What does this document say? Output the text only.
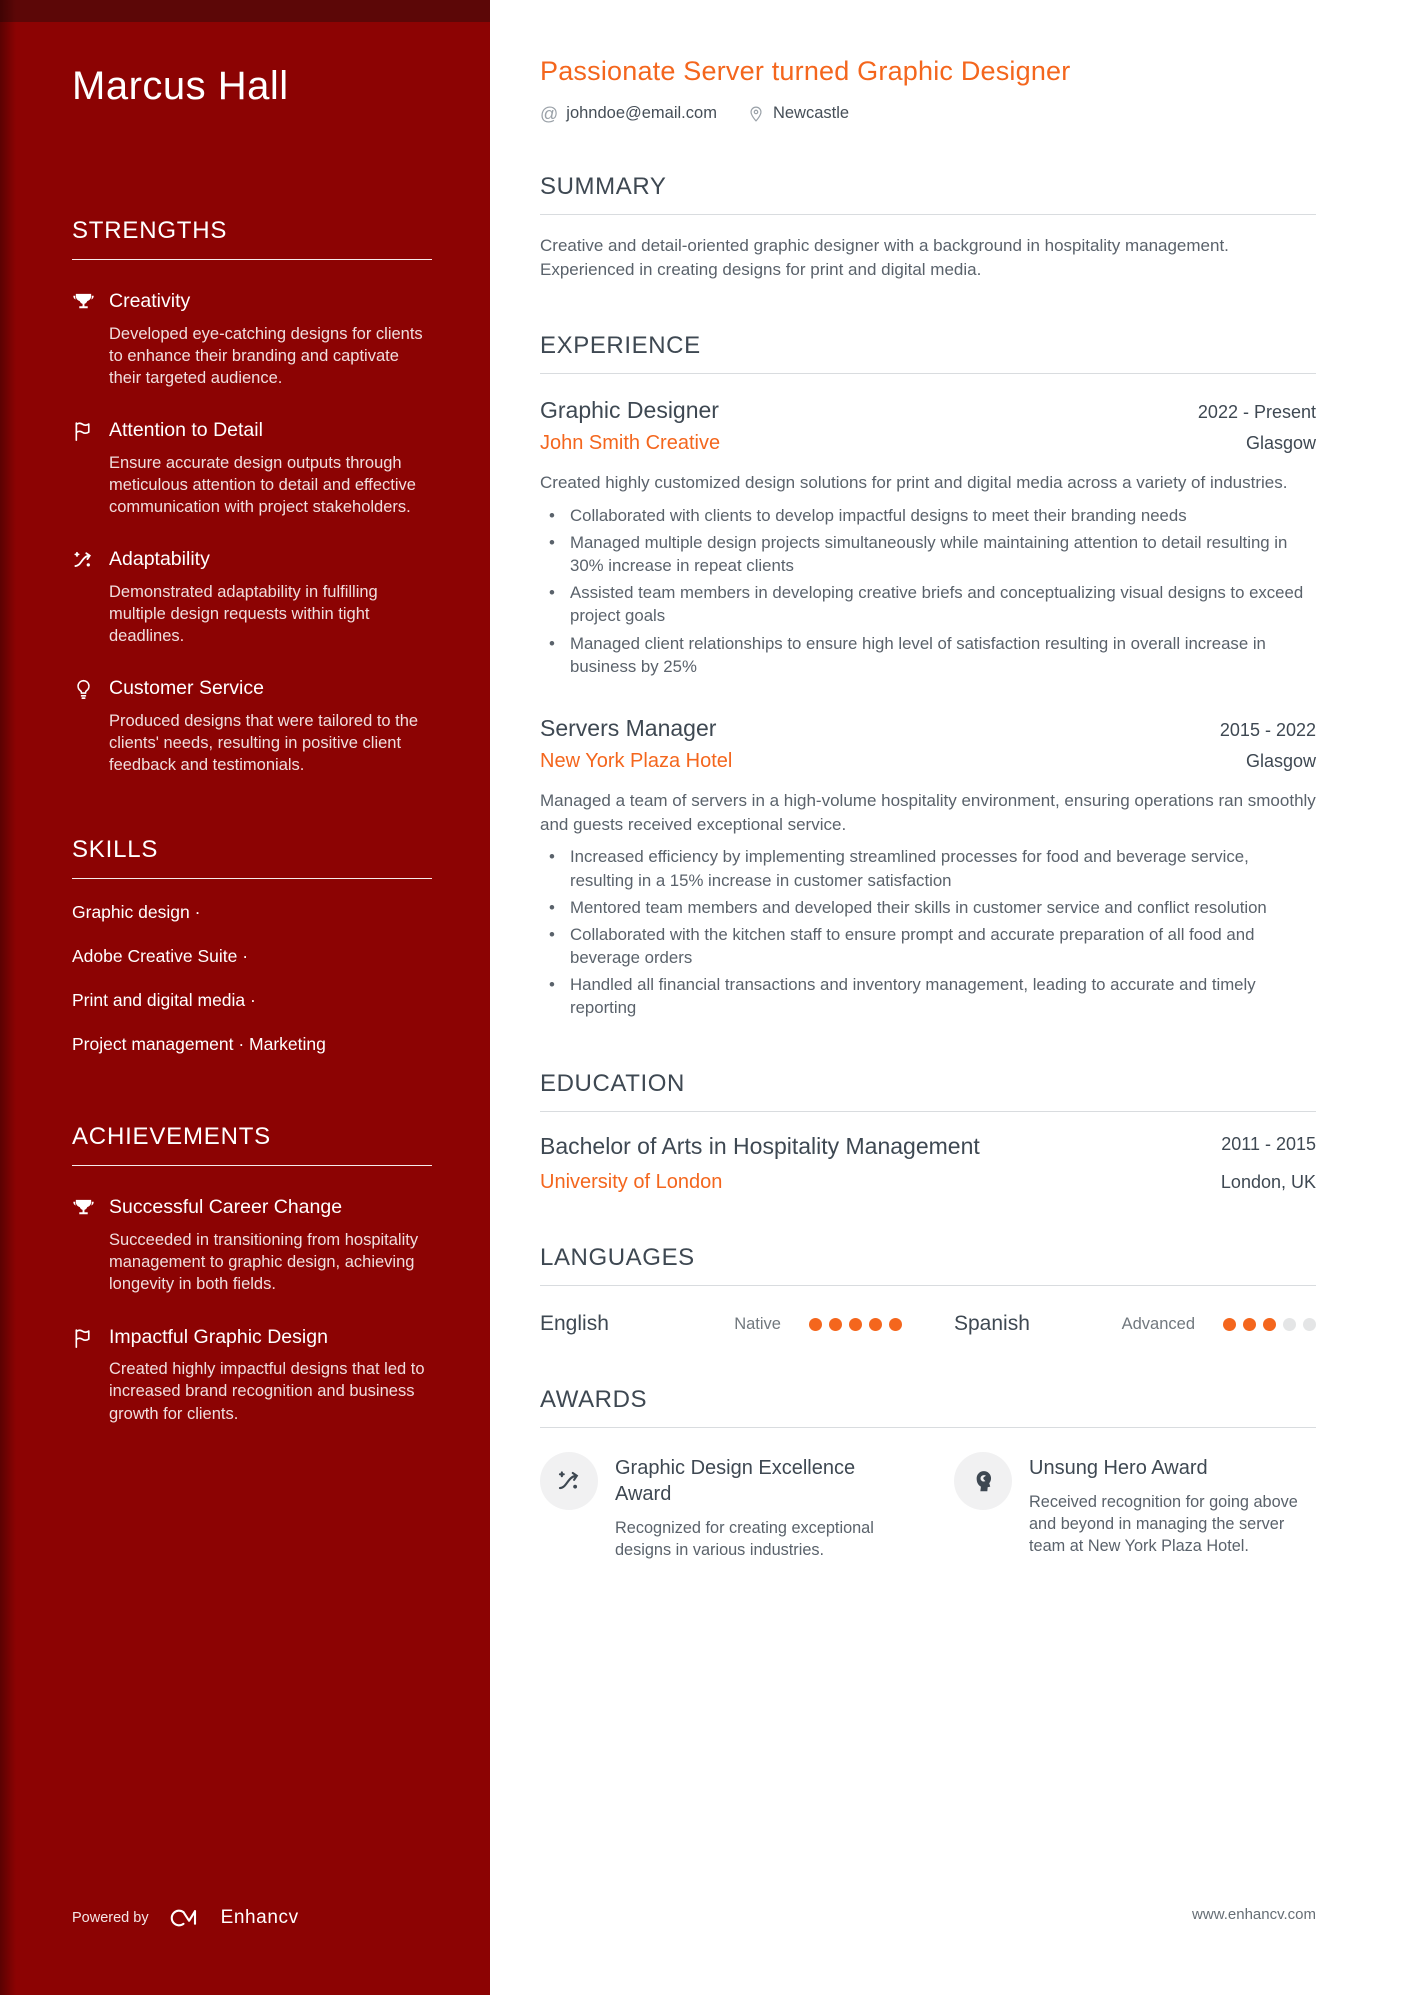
Marcus Hall
STRENGTHS

Creativity

Developed eye-catching designs for clients to enhance their branding and captivate their targeted audience.

Attention to Detail

Ensure accurate design outputs through meticulous attention to detail and effective communication with project stakeholders.

Adaptability

Demonstrated adaptability in fulfilling multiple design requests within tight deadlines.

Customer Service

Produced designs that were tailored to the clients' needs, resulting in positive client feedback and testimonials.

SKILLS

Graphic design ·

Adobe Creative Suite ·

Print and digital media ·

Project management · Marketing

ACHIEVEMENTS

Successful Career Change

Succeeded in transitioning from hospitality management to graphic design, achieving longevity in both fields.

Impactful Graphic Design

Created highly impactful designs that led to increased brand recognition and business growth for clients.

Passionate Server turned Graphic Designer
@ johndoe@email.com	Newcastle
SUMMARY

Creative and detail-oriented graphic designer with a background in hospitality management. Experienced in creating designs for print and digital media.

EXPERIENCE
Graphic Designer	2022 - Present

John Smith Creative	Glasgow

Created highly customized design solutions for print and digital media across a variety of industries.

• Collaborated with clients to develop impactful designs to meet their branding needs
• Managed multiple design projects simultaneously while maintaining attention to detail resulting in 30% increase in repeat clients
• Assisted team members in developing creative briefs and conceptualizing visual designs to exceed project goals
• Managed client relationships to ensure high level of satisfaction resulting in overall increase in business by 25%
Servers Manager	2015 - 2022

New York Plaza Hotel	Glasgow

Managed a team of servers in a high-volume hospitality environment, ensuring operations ran smoothly and guests received exceptional service.

• Increased efficiency by implementing streamlined processes for food and beverage service, resulting in a 15% increase in customer satisfaction
• Mentored team members and developed their skills in customer service and conflict resolution
• Collaborated with the kitchen staff to ensure prompt and accurate preparation of all food and beverage orders
• Handled all financial transactions and inventory management, leading to accurate and timely reporting
EDUCATION
Bachelor of Arts in Hospitality Management	2011 - 2015

University of London	London, UK
LANGUAGES
English	Native	Spanish	Advanced
AWARDS

Graphic Design Excellence Award

Recognized for creating exceptional designs in various industries.

Unsung Hero Award

Received recognition for going above and beyond in managing the server team at New York Plaza Hotel.

Powered by	Enhancv	www.enhancv.com
